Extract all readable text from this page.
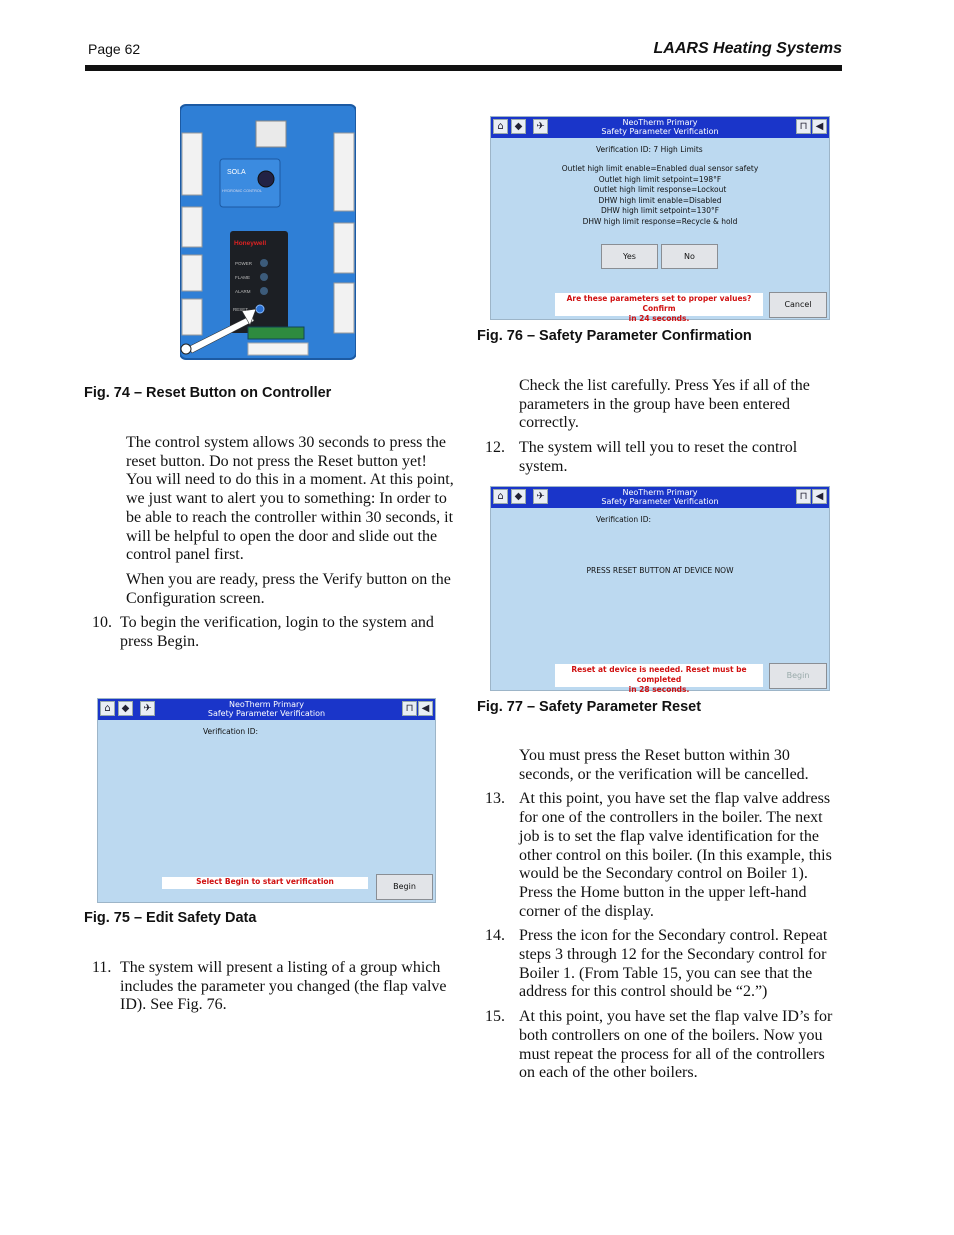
Page 62	LAARS Heating Systems
SOLA
HYDRONIC CONTROL
Honeywell
POWER
FLAME
ALARM
RESET
Fig. 74 – Reset Button on Controller

The control system allows 30 seconds to press the reset button. Do not press the Reset button yet! You will need to do this in a moment. At this point, we just want to alert you to something: In order to be able to reach the controller within 30 seconds, it will be helpful to open the door and slide out the control panel first.

When you are ready, press the Verify button on the Configuration screen.

10. To begin the verification, login to the system and press Begin.
⌂	◆	✈	NeoTherm Primary
Safety Parameter Verification	⊓ ◀
Verification ID:
Select Begin to start verification
Begin
Fig. 75 – Edit Safety Data
11. The system will present a listing of a group which includes the parameter you changed (the flap valve ID). See Fig. 76.
⌂	◆	✈	NeoTherm Primary
Safety Parameter Verification	⊓ ◀
Verification ID: 7 High Limits
Outlet high limit enable=Enabled dual sensor safety
Outlet high limit setpoint=198°F
Outlet high limit response=Lockout
DHW high limit enable=Disabled
DHW high limit setpoint=130°F
DHW high limit response=Recycle & hold
Yes	No
Are these parameters set to proper values? Confirm
in 24 seconds.
Cancel
Fig. 76 – Safety Parameter Confirmation

Check the list carefully. Press Yes if all of the parameters in the group have been entered correctly.

12. The system will tell you to reset the control system.
⌂	◆	✈	NeoTherm Primary
Safety Parameter Verification	⊓ ◀
Verification ID:
PRESS RESET BUTTON AT DEVICE NOW
Reset at device is needed. Reset must be completed
in 28 seconds.
Begin
Fig. 77 – Safety Parameter Reset

You must press the Reset button within 30 seconds, or the verification will be cancelled.

13. At this point, you have set the flap valve address for one of the controllers in the boiler. The next job is to set the flap valve identification for the other control on this boiler. (In this example, this would be the Secondary control on Boiler 1). Press the Home button in the upper left-hand corner of the display.
14. Press the icon for the Secondary control. Repeat steps 3 through 12 for the Secondary control for Boiler 1. (From Table 15, you can see that the address for this control should be “2.”)
15. At this point, you have set the flap valve ID’s for both controllers on one of the boilers. Now you must repeat the process for all of the controllers on each of the other boilers.
